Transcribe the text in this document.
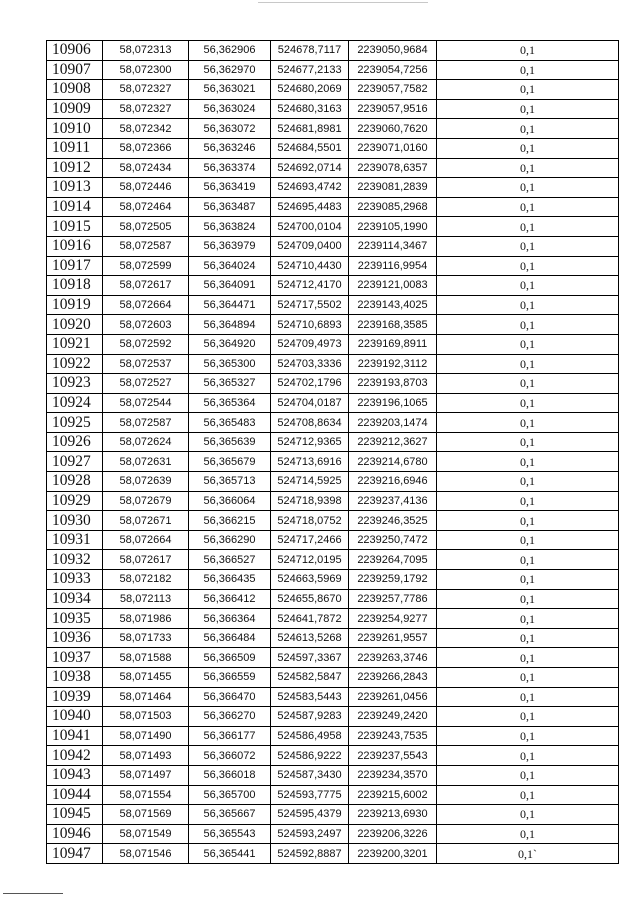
10906	58,072313	56,362906	524678,7117	2239050,9684	0,1
10907	58,072300	56,362970	524677,2133	2239054,7256	0,1
10908	58,072327	56,363021	524680,2069	2239057,7582	0,1
10909	58,072327	56,363024	524680,3163	2239057,9516	0,1
10910	58,072342	56,363072	524681,8981	2239060,7620	0,1
10911	58,072366	56,363246	524684,5501	2239071,0160	0,1
10912	58,072434	56,363374	524692,0714	2239078,6357	0,1
10913	58,072446	56,363419	524693,4742	2239081,2839	0,1
10914	58,072464	56,363487	524695,4483	2239085,2968	0,1
10915	58,072505	56,363824	524700,0104	2239105,1990	0,1
10916	58,072587	56,363979	524709,0400	2239114,3467	0,1
10917	58,072599	56,364024	524710,4430	2239116,9954	0,1
10918	58,072617	56,364091	524712,4170	2239121,0083	0,1
10919	58,072664	56,364471	524717,5502	2239143,4025	0,1
10920	58,072603	56,364894	524710,6893	2239168,3585	0,1
10921	58,072592	56,364920	524709,4973	2239169,8911	0,1
10922	58,072537	56,365300	524703,3336	2239192,3112	0,1
10923	58,072527	56,365327	524702,1796	2239193,8703	0,1
10924	58,072544	56,365364	524704,0187	2239196,1065	0,1
10925	58,072587	56,365483	524708,8634	2239203,1474	0,1
10926	58,072624	56,365639	524712,9365	2239212,3627	0,1
10927	58,072631	56,365679	524713,6916	2239214,6780	0,1
10928	58,072639	56,365713	524714,5925	2239216,6946	0,1
10929	58,072679	56,366064	524718,9398	2239237,4136	0,1
10930	58,072671	56,366215	524718,0752	2239246,3525	0,1
10931	58,072664	56,366290	524717,2466	2239250,7472	0,1
10932	58,072617	56,366527	524712,0195	2239264,7095	0,1
10933	58,072182	56,366435	524663,5969	2239259,1792	0,1
10934	58,072113	56,366412	524655,8670	2239257,7786	0,1
10935	58,071986	56,366364	524641,7872	2239254,9277	0,1
10936	58,071733	56,366484	524613,5268	2239261,9557	0,1
10937	58,071588	56,366509	524597,3367	2239263,3746	0,1
10938	58,071455	56,366559	524582,5847	2239266,2843	0,1
10939	58,071464	56,366470	524583,5443	2239261,0456	0,1
10940	58,071503	56,366270	524587,9283	2239249,2420	0,1
10941	58,071490	56,366177	524586,4958	2239243,7535	0,1
10942	58,071493	56,366072	524586,9222	2239237,5543	0,1
10943	58,071497	56,366018	524587,3430	2239234,3570	0,1
10944	58,071554	56,365700	524593,7775	2239215,6002	0,1
10945	58,071569	56,365667	524595,4379	2239213,6930	0,1
10946	58,071549	56,365543	524593,2497	2239206,3226	0,1
10947	58,071546	56,365441	524592,8887	2239200,3201	0,1`
